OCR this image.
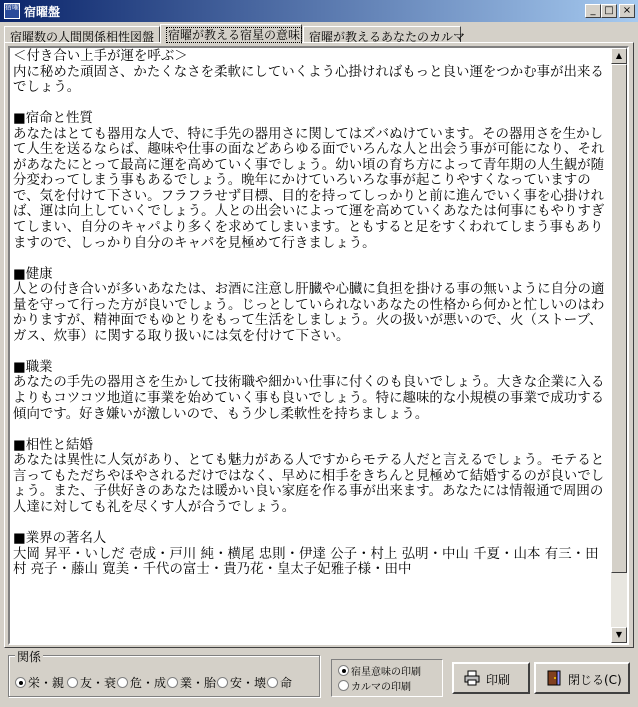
宿曜 宿曜盤	_ □ ×
宿曜数の人間関係相性図盤	宿曜が教える宿星の意味 宿曜が教えるあなたのカルマ
＜付き合い上手が運を呼ぶ＞
内に秘めた頑固さ、かたくなさを柔軟にしていくよう心掛ければもっと良い運をつかむ事が出来るでしょう。

■宿命と性質
あなたはとても器用な人で、特に手先の器用さに関してはズバぬけています。その器用さを生かして人生を送るならば、趣味や仕事の面などあらゆる面でいろんな人と出会う事が可能になり、それがあなたにとって最高に運を高めていく事でしょう。幼い頃の育ち方によって青年期の人生観が随分変わってしまう事もあるでしょう。晩年にかけていろいろな事が起こりやすくなっていますので、気を付けて下さい。フラフラせず目標、目的を持ってしっかりと前に進んでいく事を心掛ければ、運は向上していくでしょう。人との出会いによって運を高めていくあなたは何事にもやりすぎてしまい、自分のキャパより多くを求めてしまいます。ともすると足をすくわれてしまう事もありますので、しっかり自分のキャパを見極めて行きましょう。

■健康
人との付き合いが多いあなたは、お酒に注意し肝臓や心臓に負担を掛ける事の無いように自分の適量を守って行った方が良いでしょう。じっとしていられないあなたの性格から何かと忙しいのはわかりますが、精神面でもゆとりをもって生活をしましょう。火の扱いが悪いので、火（ストーブ、ガス、炊事）に関する取り扱いには気を付けて下さい。

■職業
あなたの手先の器用さを生かして技術職や細かい仕事に付くのも良いでしょう。大きな企業に入るよりもコツコツ地道に事業を始めていく事も良いでしょう。特に趣味的な小規模の事業で成功する傾向です。好き嫌いが激しいので、もう少し柔軟性を持ちましょう。

■相性と結婚
あなたは異性に人気があり、とても魅力がある人ですからモテる人だと言えるでしょう。モテると言ってもただちやほやされるだけではなく、早めに相手をきちんと見極めて結婚するのが良いでしょう。また、子供好きのあなたは暖かい良い家庭を作る事が出来ます。あなたには情報通で周囲の人達に対しても礼を尽くす人が合うでしょう。

■業界の著名人
大岡 昇平・いしだ 壱成・戸川 純・横尾 忠則・伊達 公子・村上 弘明・中山 千夏・山本 有三・田村 亮子・藤山 寛美・千代の富士・貴乃花・皇太子妃雅子様・田中
▲
▼
関係
栄・親	友・衰	危・成	業・胎	安・壊	命
宿星意味の印刷
カルマの印刷
印刷	閉じる(C)
